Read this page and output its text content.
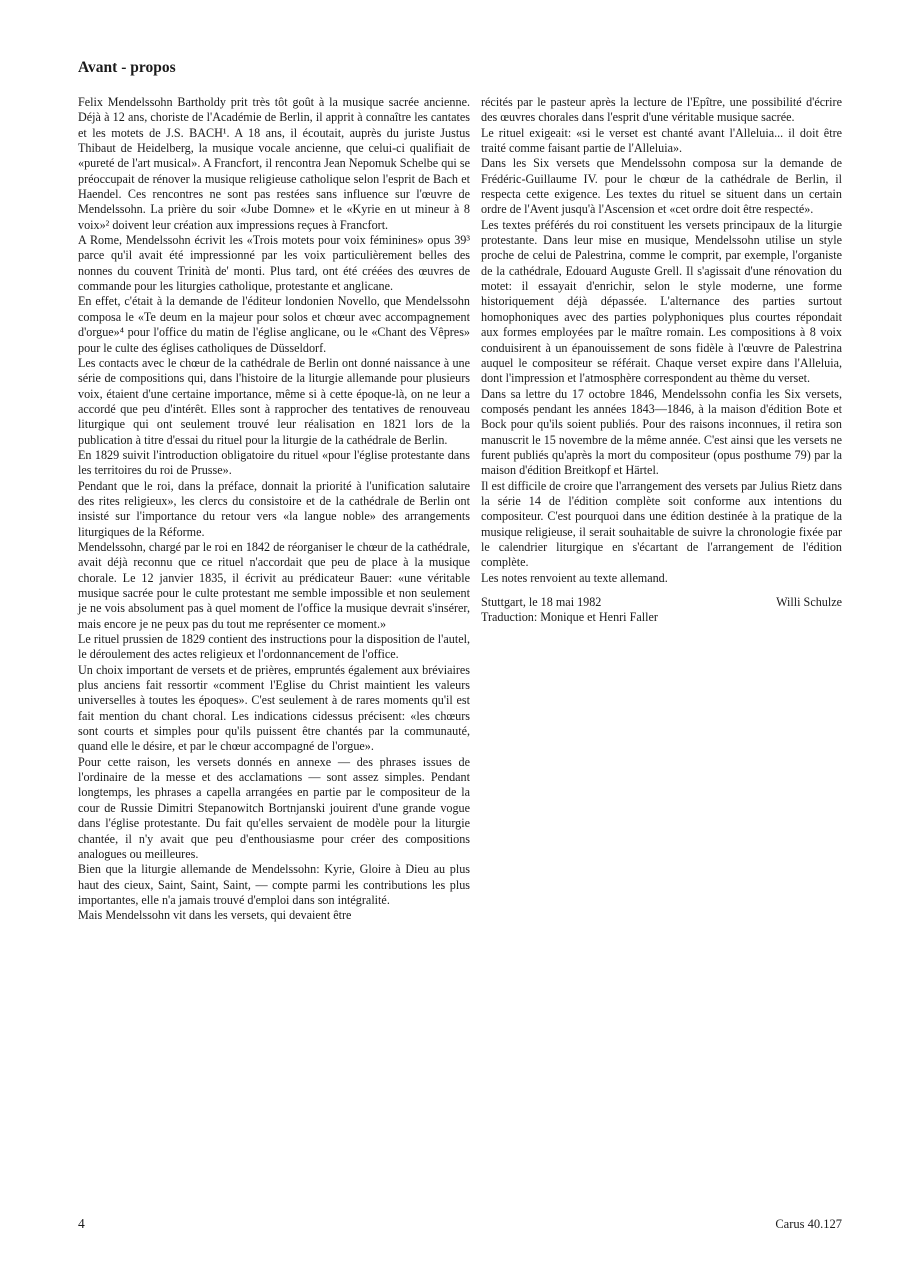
Avant - propos

Felix Mendelssohn Bartholdy prit très tôt goût à la musique sacrée ancienne. Déjà à 12 ans, choriste de l'Académie de Berlin, il apprit à connaître les cantates et les motets de J.S. BACH¹. A 18 ans, il écoutait, auprès du juriste Justus Thibaut de Heidelberg, la musique vocale ancienne, que celui-ci qualifiait de «pureté de l'art musical». A Francfort, il rencontra Jean Nepomuk Schelbe qui se préoccupait de rénover la musique religieuse catholique selon l'esprit de Bach et Haendel. Ces rencontres ne sont pas restées sans influence sur l'œuvre de Mendelssohn. La prière du soir «Jube Domne» et le «Kyrie en ut mineur à 8 voix»² doivent leur création aux impressions reçues à Francfort.

A Rome, Mendelssohn écrivit les «Trois motets pour voix féminines» opus 39³ parce qu'il avait été impressionné par les voix particulièrement belles des nonnes du couvent Trinità de' monti. Plus tard, ont été créées des œuvres de commande pour les liturgies catholique, protestante et anglicane.

En effet, c'était à la demande de l'éditeur londonien Novello, que Mendelssohn composa le «Te deum en la majeur pour solos et chœur avec accompagnement d'orgue»⁴ pour l'office du matin de l'église anglicane, ou le «Chant des Vêpres» pour le culte des églises catholiques de Düsseldorf.

Les contacts avec le chœur de la cathédrale de Berlin ont donné naissance à une série de compositions qui, dans l'histoire de la liturgie allemande pour plusieurs voix, étaient d'une certaine importance, même si à cette époque-là, on ne leur a accordé que peu d'intérêt. Elles sont à rapprocher des tentatives de renouveau liturgique qui ont seulement trouvé leur réalisation en 1821 lors de la publication à titre d'essai du rituel pour la liturgie de la cathédrale de Berlin.

En 1829 suivit l'introduction obligatoire du rituel «pour l'église protestante dans les territoires du roi de Prusse».

Pendant que le roi, dans la préface, donnait la priorité à l'unification salutaire des rites religieux», les clercs du consistoire et de la cathédrale de Berlin ont insisté sur l'importance du retour vers «la langue noble» des arrangements liturgiques de la Réforme.

Mendelssohn, chargé par le roi en 1842 de réorganiser le chœur de la cathédrale, avait déjà reconnu que ce rituel n'accordait que peu de place à la musique chorale. Le 12 janvier 1835, il écrivit au prédicateur Bauer: «une véritable musique sacrée pour le culte protestant me semble impossible et non seulement je ne vois absolument pas à quel moment de l'office la musique devrait s'insérer, mais encore je ne peux pas du tout me représenter ce moment.»

Le rituel prussien de 1829 contient des instructions pour la disposition de l'autel, le déroulement des actes religieux et l'ordonnancement de l'office.

Un choix important de versets et de prières, empruntés également aux bréviaires plus anciens fait ressortir «comment l'Eglise du Christ maintient les valeurs universelles à toutes les époques». C'est seulement à de rares moments qu'il est fait mention du chant choral. Les indications cidessus précisent: «les chœurs sont courts et simples pour qu'ils puissent être chantés par la communauté, quand elle le désire, et par le chœur accompagné de l'orgue».

Pour cette raison, les versets donnés en annexe — des phrases issues de l'ordinaire de la messe et des acclamations — sont assez simples. Pendant longtemps, les phrases a capella arrangées en partie par le compositeur de la cour de Russie Dimitri Stepanowitch Bortnjanski jouirent d'une grande vogue dans l'église protestante. Du fait qu'elles servaient de modèle pour la liturgie chantée, il n'y avait que peu d'enthousiasme pour créer des compositions analogues ou meilleures.

Bien que la liturgie allemande de Mendelssohn: Kyrie, Gloire à Dieu au plus haut des cieux, Saint, Saint, Saint, — compte parmi les contributions les plus importantes, elle n'a jamais trouvé d'emploi dans son intégralité.

Mais Mendelssohn vit dans les versets, qui devaient être

récités par le pasteur après la lecture de l'Epître, une possibilité d'écrire des œuvres chorales dans l'esprit d'une véritable musique sacrée.

Le rituel exigeait: «si le verset est chanté avant l'Alleluia... il doit être traité comme faisant partie de l'Alleluia».

Dans les Six versets que Mendelssohn composa sur la demande de Frédéric-Guillaume IV. pour le chœur de la cathédrale de Berlin, il respecta cette exigence. Les textes du rituel se situent dans un certain ordre de l'Avent jusqu'à l'Ascension et «cet ordre doit être respecté».

Les textes préférés du roi constituent les versets principaux de la liturgie protestante. Dans leur mise en musique, Mendelssohn utilise un style proche de celui de Palestrina, comme le comprit, par exemple, l'organiste de la cathédrale, Edouard Auguste Grell. Il s'agissait d'une rénovation du motet: il essayait d'enrichir, selon le style moderne, une forme historiquement déjà dépassée. L'alternance des parties surtout homophoniques avec des parties polyphoniques plus courtes répondait aux formes employées par le maître romain. Les compositions à 8 voix conduisirent à un épanouissement de sons fidèle à l'œuvre de Palestrina auquel le compositeur se référait. Chaque verset expire dans l'Alleluia, dont l'impression et l'atmosphère correspondent au thème du verset.

Dans sa lettre du 17 octobre 1846, Mendelssohn confia les Six versets, composés pendant les années 1843—1846, à la maison d'édition Bote et Bock pour qu'ils soient publiés. Pour des raisons inconnues, il retira son manuscrit le 15 novembre de la même année. C'est ainsi que les versets ne furent publiés qu'après la mort du compositeur (opus posthume 79) par la maison d'édition Breitkopf et Härtel.

Il est difficile de croire que l'arrangement des versets par Julius Rietz dans la série 14 de l'édition complète soit conforme aux intentions du compositeur. C'est pourquoi dans une édition destinée à la pratique de la musique religieuse, il serait souhaitable de suivre la chronologie fixée par le calendrier liturgique en s'écartant de l'arrangement de l'édition complète.

Les notes renvoient au texte allemand.

Stuttgart, le 18 mai 1982	Willi Schulze

Traduction: Monique et Henri Faller

4	Carus 40.127
